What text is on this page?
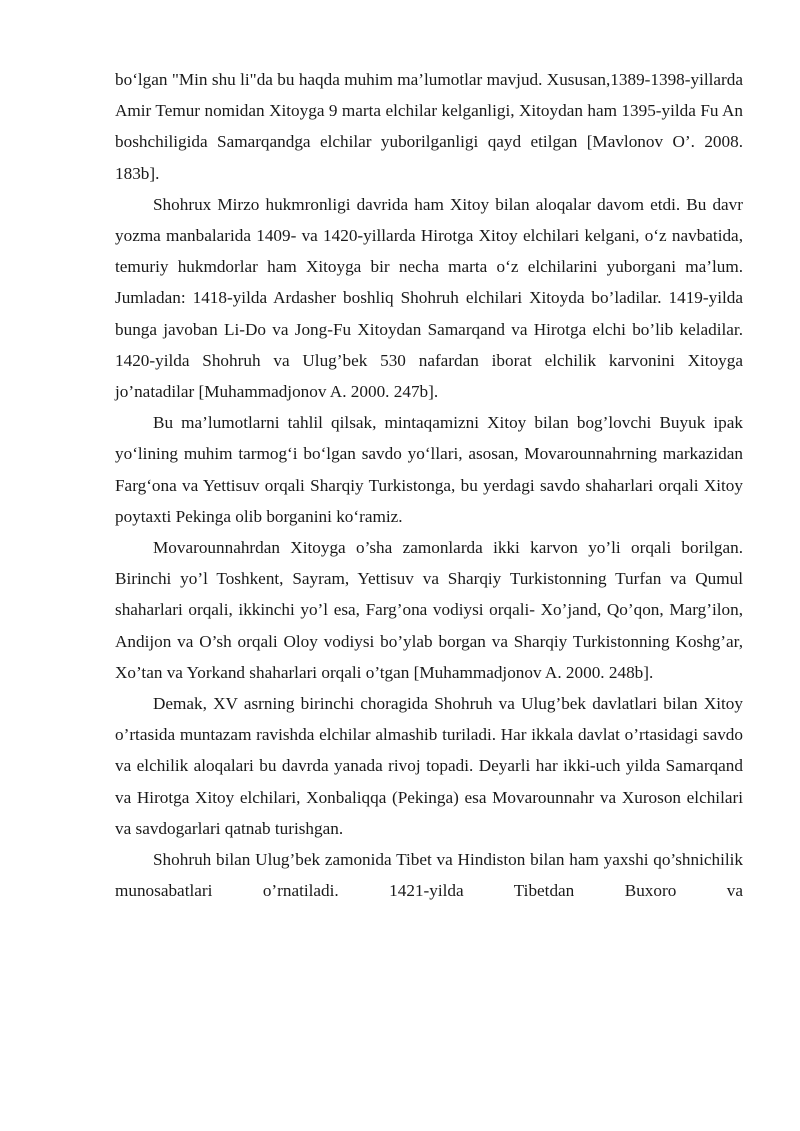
bo‘lgan "Min shu li"da bu haqda muhim ma’lumotlar mavjud. Xususan,1389-1398-yillarda Amir Temur nomidan Xitoyga 9 marta elchilar kelganligi, Xitoydan ham 1395-yilda Fu An boshchiligida Samarqandga elchilar yuborilganligi qayd etilgan [Mavlonov O’. 2008. 183b].

Shohrux Mirzo hukmronligi davrida ham Xitoy bilan aloqalar davom etdi. Bu davr yozma manbalarida 1409- va 1420-yillarda Hirotga Xitoy elchilari kelgani, o‘z navbatida, temuriy hukmdorlar ham Xitoyga bir necha marta o‘z elchilarini yuborgani ma’lum. Jumladan: 1418-yilda Ardasher boshliq Shohruh elchilari Xitoyda bo’ladilar. 1419-yilda bunga javoban Li-Do va Jong-Fu Xitoydan Samarqand va Hirotga elchi bo’lib keladilar. 1420-yilda Shohruh va Ulug’bek 530 nafardan iborat elchilik karvonini Xitoyga jo’natadilar [Muhammadjonov A. 2000. 247b].

Bu ma’lumotlarni tahlil qilsak, mintaqamizni Xitoy bilan bog’lovchi Buyuk ipak yo‘lining muhim tarmog‘i bo‘lgan savdo yo‘llari, asosan, Movarounnahrning markazidan Farg‘ona va Yettisuv orqali Sharqiy Turkistonga, bu yerdagi savdo shaharlari orqali Xitoy poytaxti Pekinga olib borganini ko‘ramiz.

Movarounnahrdan Xitoyga o’sha zamonlarda ikki karvon yo’li orqali borilgan. Birinchi yo’l Toshkent, Sayram, Yettisuv va Sharqiy Turkistonning Turfan va Qumul shaharlari orqali, ikkinchi yo’l esa, Farg’ona vodiysi orqali- Xo’jand, Qo’qon, Marg’ilon, Andijon va O’sh orqali Oloy vodiysi bo’ylab borgan va Sharqiy Turkistonning Koshg’ar, Xo’tan va Yorkand shaharlari orqali o’tgan [Muhammadjonov A. 2000. 248b].

Demak, XV asrning birinchi choragida Shohruh va Ulug’bek davlatlari bilan Xitoy o’rtasida muntazam ravishda elchilar almashib turiladi. Har ikkala davlat o’rtasidagi savdo va elchilik aloqalari bu davrda yanada rivoj topadi. Deyarli har ikki-uch yilda Samarqand va Hirotga Xitoy elchilari, Xonbaliqqa (Pekinga) esa Movarounnahr va Xuroson elchilari va savdogarlari qatnab turishgan.

Shohruh bilan Ulug’bek zamonida Tibet va Hindiston bilan ham yaxshi qo’shnichilik munosabatlari o’rnatiladi. 1421-yilda Tibetdan Buxoro va
